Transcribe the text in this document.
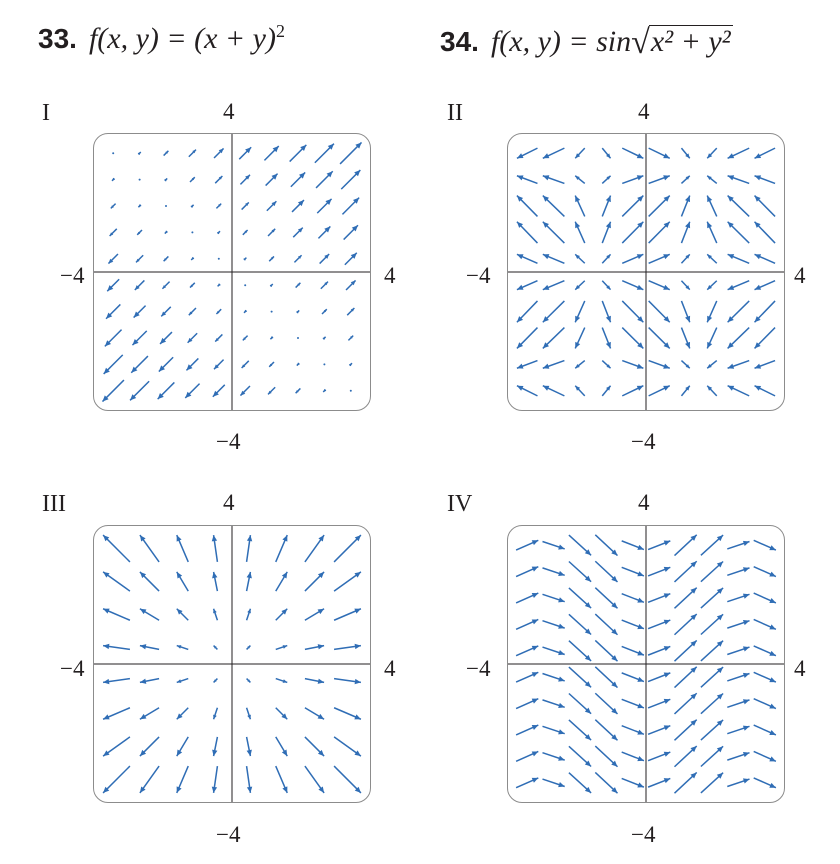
33. f(x, $y) = (x + y)^2$	34. f(x, y) = sin√x² + y²
I	4
−4
−4	4
II	4
−4
−4	4
III	4
−4
−4	4
IV	4
−4
−4	4
